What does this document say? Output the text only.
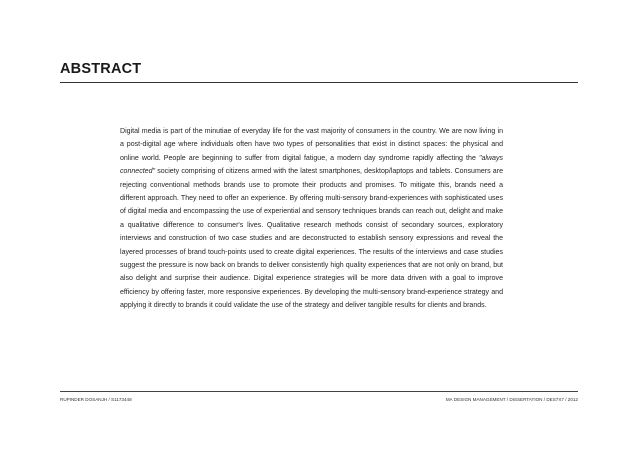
ABSTRACT

Digital media is part of the minutiae of everyday life for the vast majority of consumers in the country. We are now living in a post-digital age where individuals often have two types of personalities that exist in distinct spaces: the physical and online world. People are beginning to suffer from digital fatigue, a modern day syndrome rapidly affecting the "always connected" society comprising of citizens armed with the latest smartphones, desktop/laptops and tablets. Consumers are rejecting conventional methods brands use to promote their products and promises. To mitigate this, brands need a different approach. They need to offer an experience. By offering multi-sensory brand-experiences with sophisticated uses of digital media and encompassing the use of experiential and sensory techniques brands can reach out, delight and make a qualitative difference to consumer's lives. Qualitative research methods consist of secondary sources, exploratory interviews and construction of two case studies and are deconstructed to establish sensory expressions and reveal the layered processes of brand touch-points used to create digital experiences. The results of the interviews and case studies suggest the pressure is now back on brands to deliver consistently high quality experiences that are not only on brand, but also delight and surprise their audience. Digital experience strategies will be more data driven with a goal to improve efficiency by offering faster, more responsive experiences. By developing the multi-sensory brand-experience strategy and applying it directly to brands it could validate the use of the strategy and deliver tangible results for clients and brands.

RUPINDER DOSANJH / S1173448	MA DESIGN MANAGEMENT / DISSERTATION / DES7X7 / 2012
